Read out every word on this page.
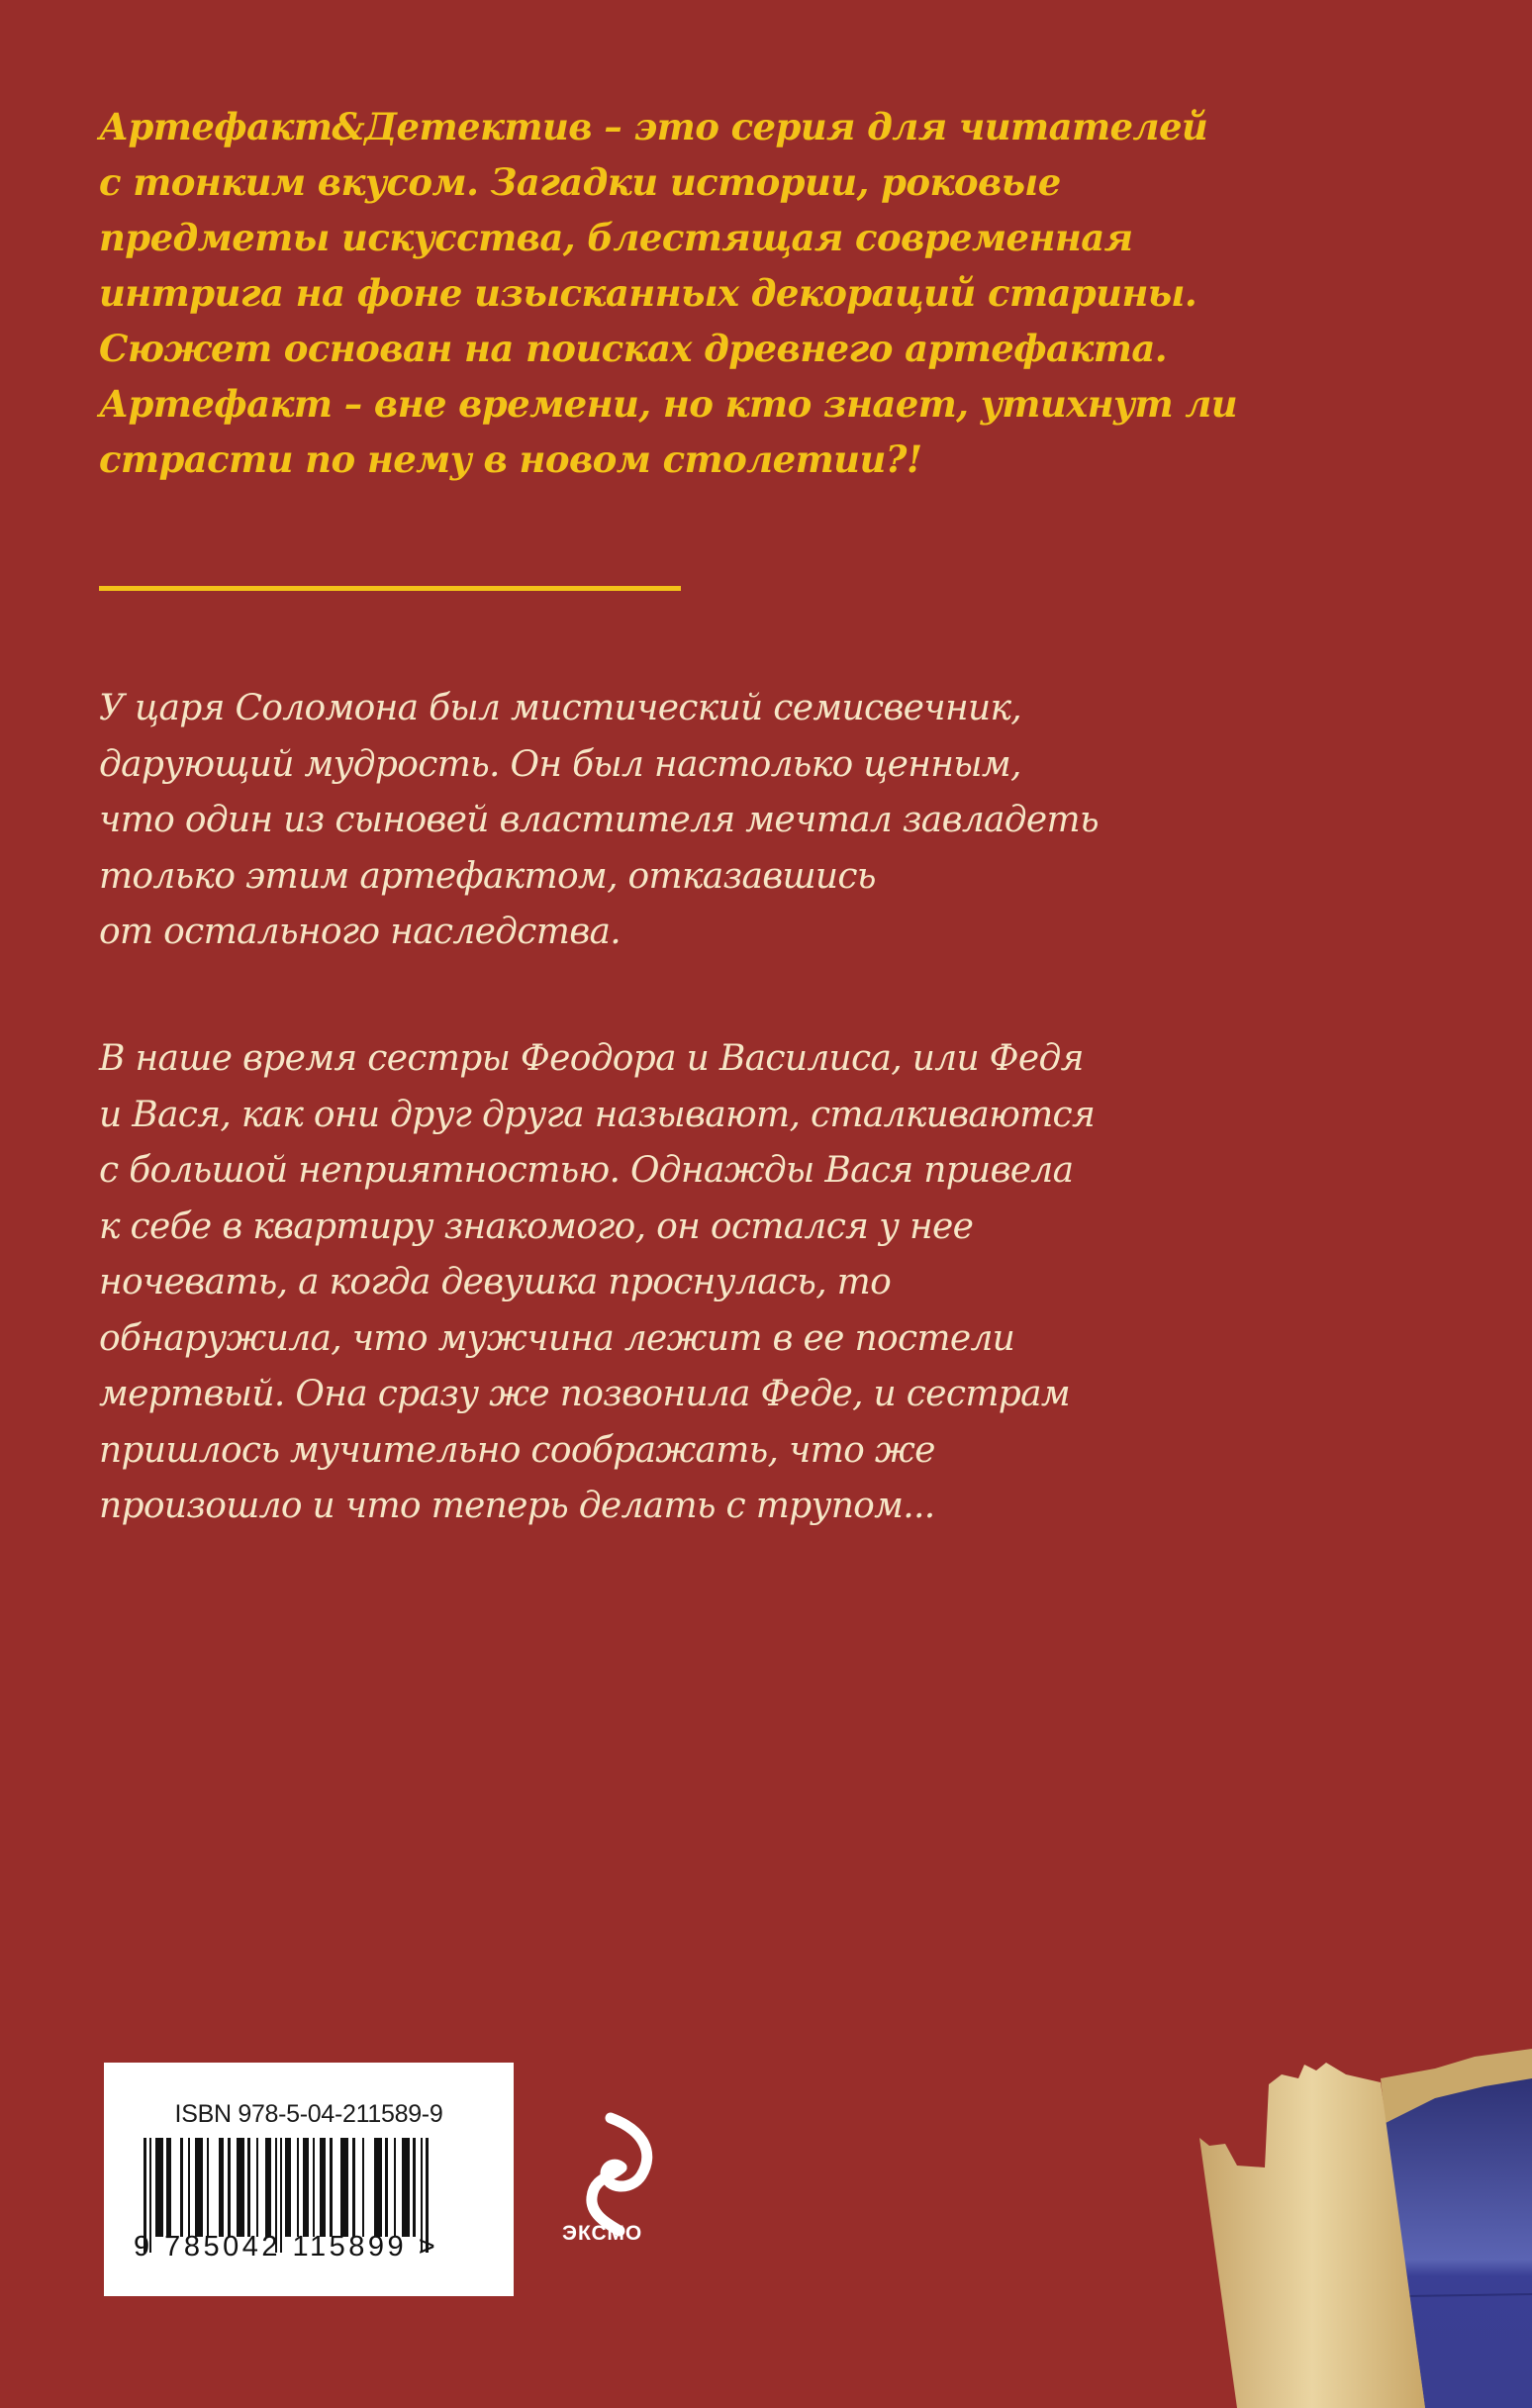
Артефакт&Детектив – это серия для читателей
с тонким вкусом. Загадки истории, роковые
предметы искусства, блестящая современная
интрига на фоне изысканных декораций старины.
Сюжет основан на поисках древнего артефакта.
Артефакт – вне времени, но кто знает, утихнут ли
страсти по нему в новом столетии?!
У царя Соломона был мистический семисвечник,
дарующий мудрость. Он был настолько ценным,
что один из сыновей властителя мечтал завладеть
только этим артефактом, отказавшись
от остального наследства.
В наше время сестры Феодора и Василиса, или Федя
и Вася, как они друг друга называют, сталкиваются
с большой неприятностью. Однажды Вася привела
к себе в квартиру знакомого, он остался у нее
ночевать, а когда девушка проснулась, то
обнаружила, что мужчина лежит в ее постели
мертвый. Она сразу же позвонила Феде, и сестрам
пришлось мучительно соображать, что же
произошло и что теперь делать с трупом...
ISBN 978-5-04-211589-9
9 785042 115899 >	ЭКСМО
